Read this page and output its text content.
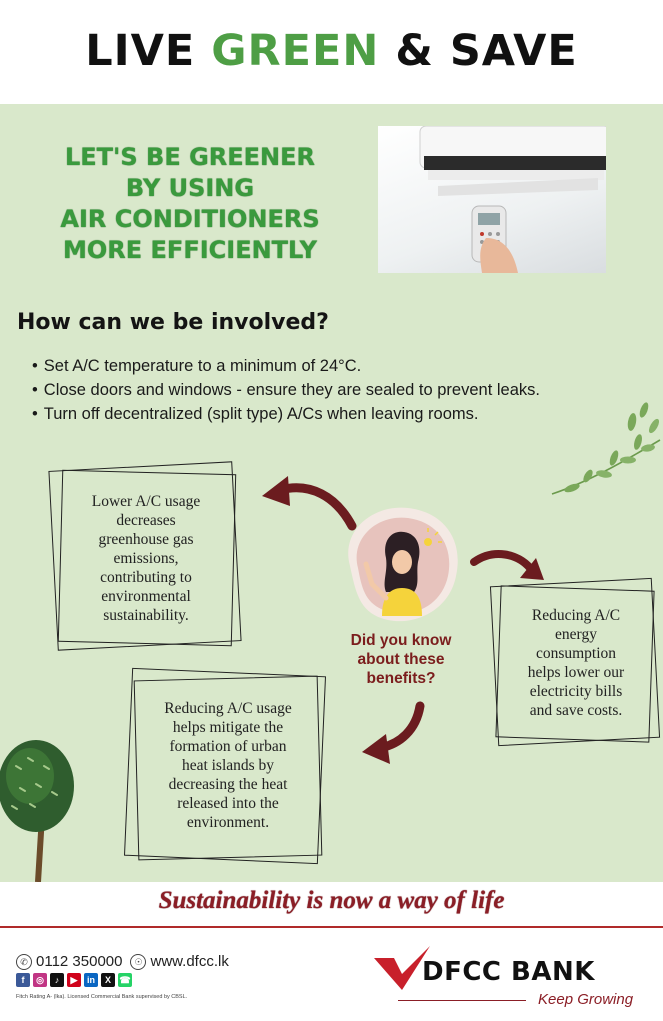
LIVE GREEN & SAVE
LET'S BE GREENER
BY USING
AIR CONDITIONERS
MORE EFFICIENTLY
How can we be involved?
• Set A/C temperature to a minimum of 24°C.
• Close doors and windows - ensure they are sealed to prevent leaks.
• Turn off decentralized (split type) A/Cs when leaving rooms.
Lower A/C usage
decreases
greenhouse gas
emissions,
contributing to
environmental
sustainability.	Reducing A/C
energy
consumption
helps lower our
electricity bills
and save costs.
Reducing A/C usage
helps mitigate the
formation of urban
heat islands by
decreasing the heat
released into the
environment.
Did you know
about these
benefits?
Sustainability is now a way of life
✆ 0112 350000	☉ www.dfcc.lk
f	◎	♪	▶	in	X ☎
Fitch Rating A- (lka). Licensed Commercial Bank supervised by CBSL.
DFCC BANK
Keep Growing
